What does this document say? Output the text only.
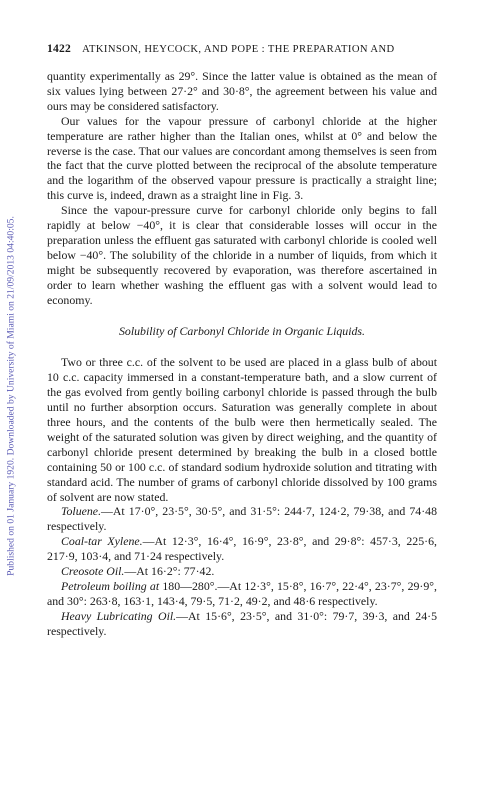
Published on 01 January 1920. Downloaded by University of Miami on 21/09/2013 04:40:05.
1422 ATKINSON, HEYCOCK, AND POPE : THE PREPARATION AND

quantity experimentally as 29°. Since the latter value is obtained as the mean of six values lying between 27·2° and 30·8°, the agreement between his value and ours may be considered satisfactory.

Our values for the vapour pressure of carbonyl chloride at the higher temperature are rather higher than the Italian ones, whilst at 0° and below the reverse is the case. That our values are concordant among themselves is seen from the fact that the curve plotted between the reciprocal of the absolute temperature and the logarithm of the observed vapour pressure is practically a straight line; this curve is, indeed, drawn as a straight line in Fig. 3.

Since the vapour-pressure curve for carbonyl chloride only begins to fall rapidly at below −40°, it is clear that considerable losses will occur in the preparation unless the effluent gas saturated with carbonyl chloride is cooled well below −40°. The solubility of the chloride in a number of liquids, from which it might be subsequently recovered by evaporation, was therefore ascertained in order to learn whether washing the effluent gas with a solvent would lead to economy.

Solubility of Carbonyl Chloride in Organic Liquids.

Two or three c.c. of the solvent to be used are placed in a glass bulb of about 10 c.c. capacity immersed in a constant-temperature bath, and a slow current of the gas evolved from gently boiling carbonyl chloride is passed through the bulb until no further absorption occurs. Saturation was generally complete in about three hours, and the contents of the bulb were then hermetically sealed. The weight of the saturated solution was given by direct weighing, and the quantity of carbonyl chloride present determined by breaking the bulb in a closed bottle containing 50 or 100 c.c. of standard sodium hydroxide solution and titrating with standard acid. The number of grams of carbonyl chloride dissolved by 100 grams of solvent are now stated.

Toluene.—At 17·0°, 23·5°, 30·5°, and 31·5°: 244·7, 124·2, 79·38, and 74·48 respectively.

Coal-tar Xylene.—At 12·3°, 16·4°, 16·9°, 23·8°, and 29·8°: 457·3, 225·6, 217·9, 103·4, and 71·24 respectively.

Creosote Oil.—At 16·2°: 77·42.

Petroleum boiling at 180—280°.—At 12·3°, 15·8°, 16·7°, 22·4°, 23·7°, 29·9°, and 30°: 263·8, 163·1, 143·4, 79·5, 71·2, 49·2, and 48·6 respectively.

Heavy Lubricating Oil.—At 15·6°, 23·5°, and 31·0°: 79·7, 39·3, and 24·5 respectively.
